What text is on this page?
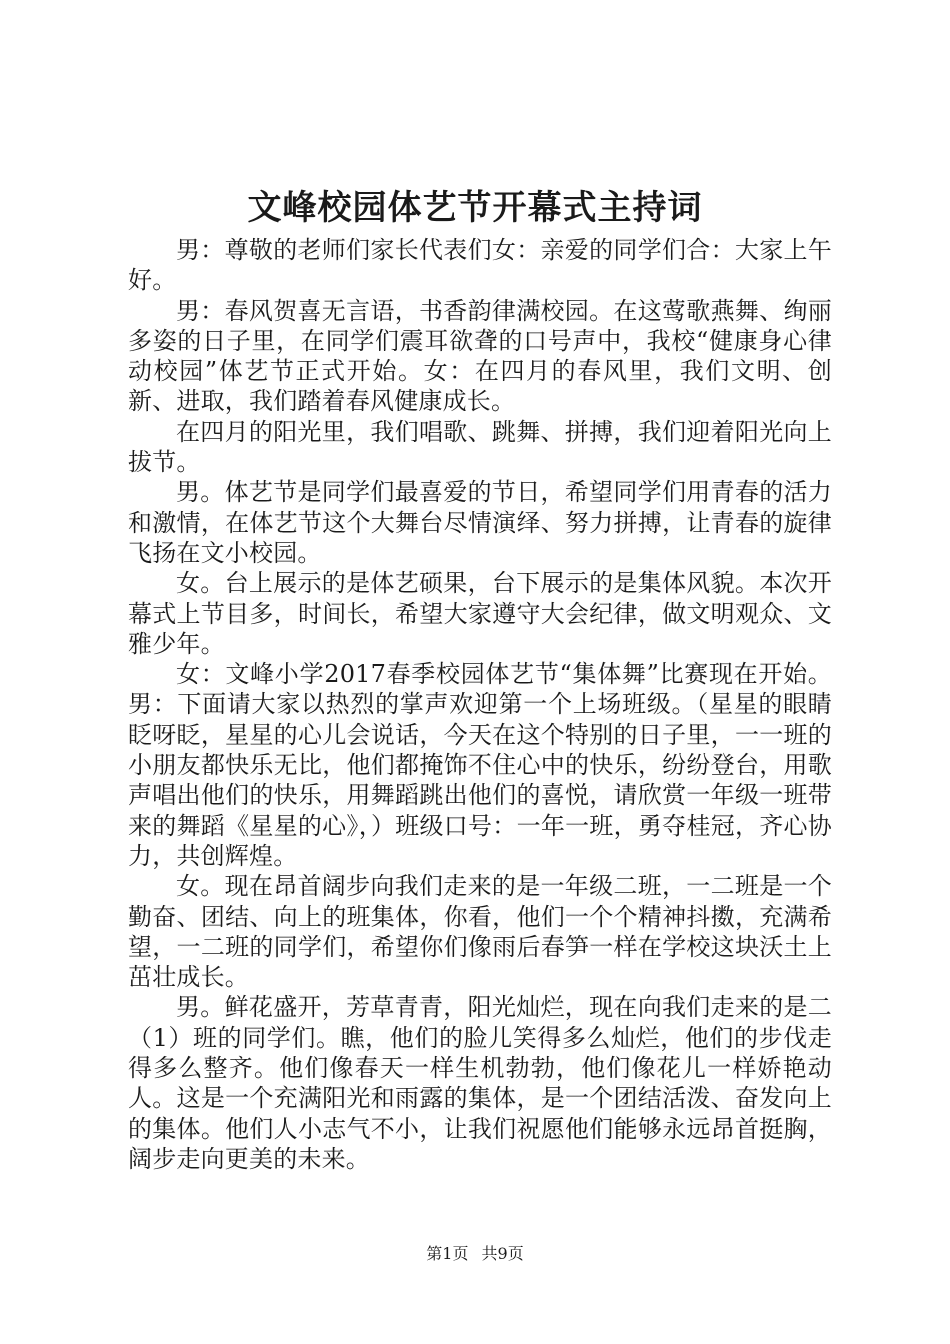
文峰校园体艺节开幕式主持词

男：尊敬的老师们家长代表们女：亲爱的同学们合：大家上午好。

男：春风贺喜无言语，书香韵律满校园。在这莺歌燕舞、绚丽多姿的日子里，在同学们震耳欲聋的口号声中，我校“健康身心律动校园”体艺节正式开始。女：在四月的春风里，我们文明、创新、进取，我们踏着春风健康成长。

在四月的阳光里，我们唱歌、跳舞、拼搏，我们迎着阳光向上拔节。

男。体艺节是同学们最喜爱的节日，希望同学们用青春的活力和激情，在体艺节这个大舞台尽情演绎、努力拼搏，让青春的旋律飞扬在文小校园。

女。台上展示的是体艺硕果，台下展示的是集体风貌。本次开幕式上节目多，时间长，希望大家遵守大会纪律，做文明观众、文雅少年。

女：文峰小学2017春季校园体艺节“集体舞”比赛现在开始。男：下面请大家以热烈的掌声欢迎第一个上场班级。（星星的眼睛眨呀眨，星星的心儿会说话，今天在这个特别的日子里，一一班的小朋友都快乐无比，他们都掩饰不住心中的快乐，纷纷登台，用歌声唱出他们的快乐，用舞蹈跳出他们的喜悦，请欣赏一年级一班带来的舞蹈《星星的心》，）班级口号：一年一班，勇夺桂冠，齐心协力，共创辉煌。

女。现在昂首阔步向我们走来的是一年级二班，一二班是一个勤奋、团结、向上的班集体，你看，他们一个个精神抖擞，充满希望，一二班的同学们，希望你们像雨后春笋一样在学校这块沃土上茁壮成长。

男。鲜花盛开，芳草青青，阳光灿烂，现在向我们走来的是二（1）班的同学们。瞧，他们的脸儿笑得多么灿烂，他们的步伐走得多么整齐。他们像春天一样生机勃勃，他们像花儿一样娇艳动人。这是一个充满阳光和雨露的集体，是一个团结活泼、奋发向上的集体。他们人小志气不小，让我们祝愿他们能够永远昂首挺胸，阔步走向更美的未来。

第1页 共9页
